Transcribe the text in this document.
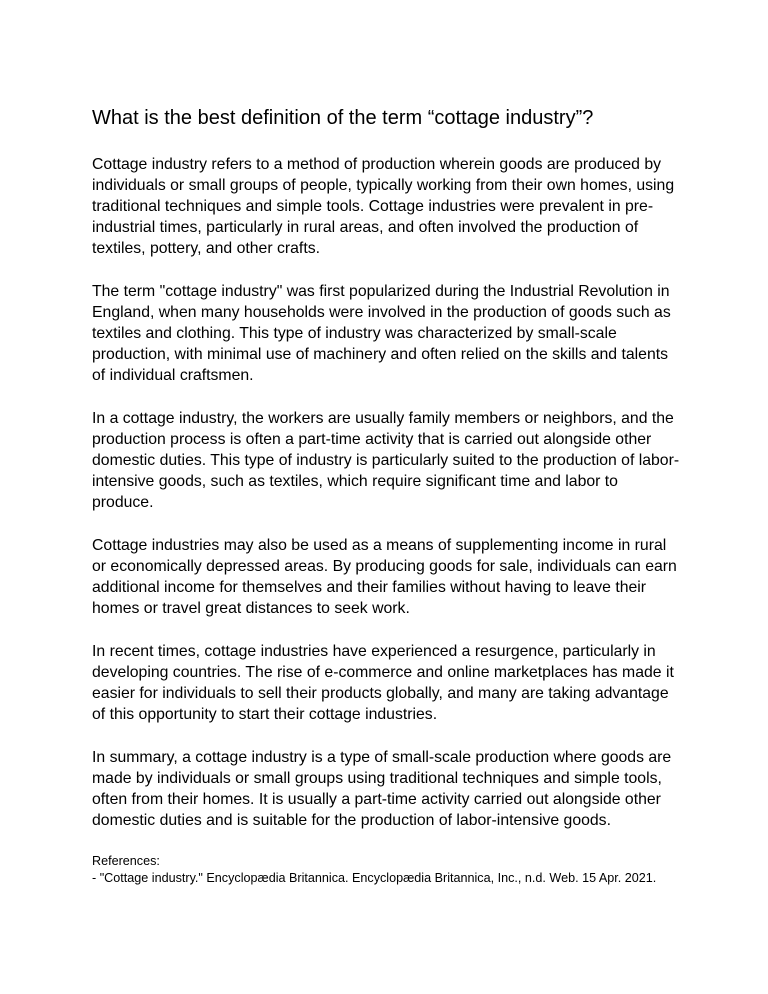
What is the best definition of the term “cottage industry”?

Cottage industry refers to a method of production wherein goods are produced by individuals or small groups of people, typically working from their own homes, using traditional techniques and simple tools. Cottage industries were prevalent in pre-industrial times, particularly in rural areas, and often involved the production of textiles, pottery, and other crafts.

The term "cottage industry" was first popularized during the Industrial Revolution in England, when many households were involved in the production of goods such as textiles and clothing. This type of industry was characterized by small-scale production, with minimal use of machinery and often relied on the skills and talents of individual craftsmen.

In a cottage industry, the workers are usually family members or neighbors, and the production process is often a part-time activity that is carried out alongside other domestic duties. This type of industry is particularly suited to the production of labor-intensive goods, such as textiles, which require significant time and labor to produce.

Cottage industries may also be used as a means of supplementing income in rural or economically depressed areas. By producing goods for sale, individuals can earn additional income for themselves and their families without having to leave their homes or travel great distances to seek work.

In recent times, cottage industries have experienced a resurgence, particularly in developing countries. The rise of e-commerce and online marketplaces has made it easier for individuals to sell their products globally, and many are taking advantage of this opportunity to start their cottage industries.

In summary, a cottage industry is a type of small-scale production where goods are made by individuals or small groups using traditional techniques and simple tools, often from their homes. It is usually a part-time activity carried out alongside other domestic duties and is suitable for the production of labor-intensive goods.

References:
- "Cottage industry." Encyclopædia Britannica. Encyclopædia Britannica, Inc., n.d. Web. 15 Apr. 2021.
